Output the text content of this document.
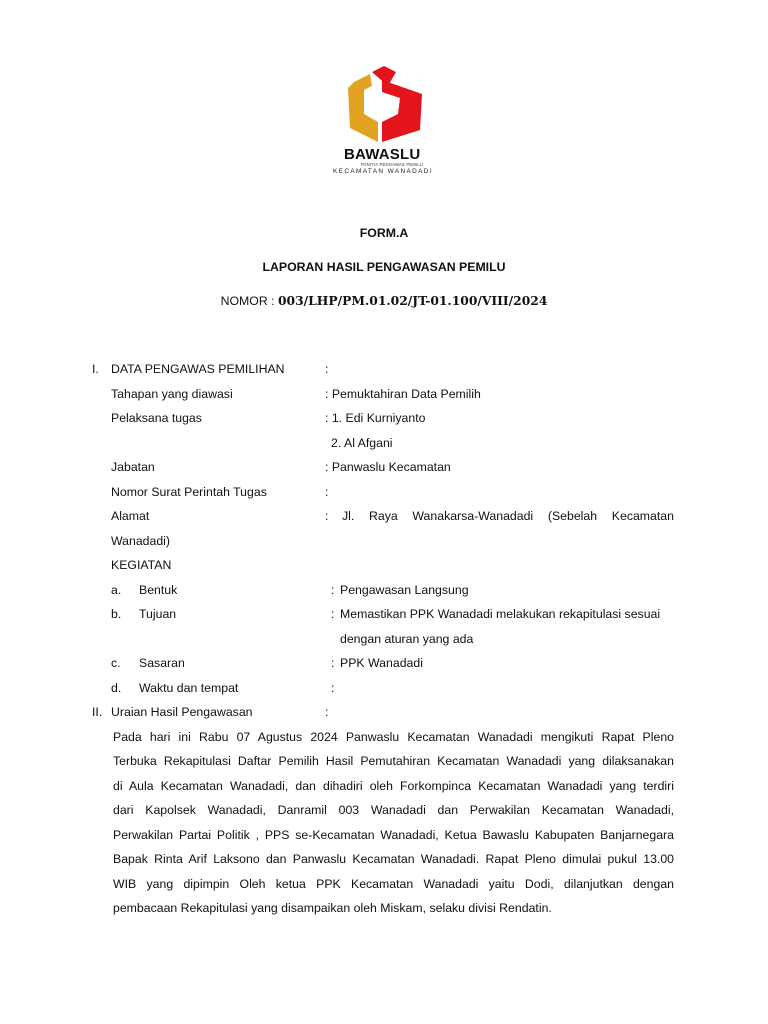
BAWASLU
PANITIA PENGAWAS PEMILU
KECAMATAN WANADADI
FORM.A
LAPORAN HASIL PENGAWASAN PEMILU
NOMOR : 003/LHP/PM.01.02/JT-01.100/VIII/2024
I. DATA PENGAWAS PEMILIHAN	:
Tahapan yang diawasi	: Pemuktahiran Data Pemilih
Pelaksana tugas	: 1. Edi Kurniyanto
2. Al Afgani
Jabatan	: Panwaslu Kecamatan
Nomor Surat Perintah Tugas	:
Alamat	: Jl. Raya Wanakarsa-Wanadadi (Sebelah Kecamatan
Wanadadi)
KEGIATAN
a. Bentuk	: Pengawasan Langsung
b. Tujuan	: Memastikan PPK Wanadadi melakukan rekapitulasi sesuai
dengan aturan yang ada
c. Sasaran	: PPK Wanadadi
d. Waktu dan tempat	:
II. Uraian Hasil Pengawasan	:
Pada hari ini Rabu 07 Agustus 2024 Panwaslu Kecamatan Wanadadi mengikuti Rapat Pleno
Terbuka Rekapitulasi Daftar Pemilih Hasil Pemutahiran Kecamatan Wanadadi yang dilaksanakan
di Aula Kecamatan Wanadadi, dan dihadiri oleh Forkompinca Kecamatan Wanadadi yang terdiri
dari Kapolsek Wanadadi, Danramil 003 Wanadadi dan Perwakilan Kecamatan Wanadadi,
Perwakilan Partai Politik , PPS se-Kecamatan Wanadadi, Ketua Bawaslu Kabupaten Banjarnegara
Bapak Rinta Arif Laksono dan Panwaslu Kecamatan Wanadadi. Rapat Pleno dimulai pukul 13.00
WIB yang dipimpin Oleh ketua PPK Kecamatan Wanadadi yaitu Dodi, dilanjutkan dengan
pembacaan Rekapitulasi yang disampaikan oleh Miskam, selaku divisi Rendatin.
